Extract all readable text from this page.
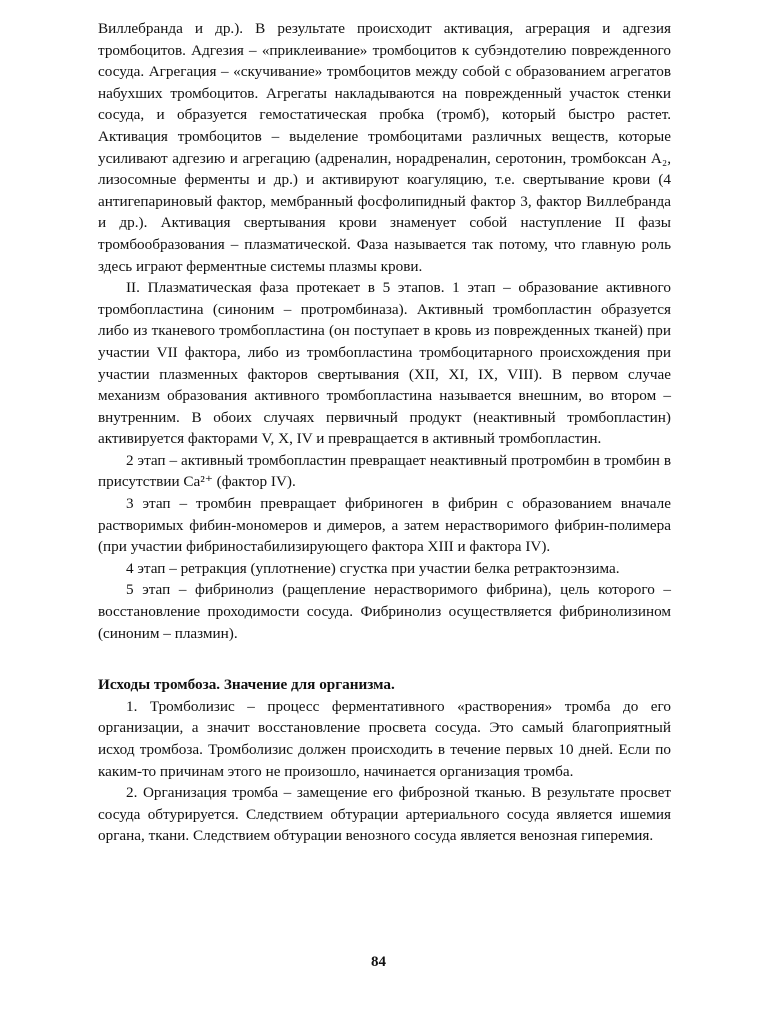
Виллебранда и др.). В результате происходит активация, агрерация и адгезия тромбоцитов. Адгезия – «приклеивание» тромбоцитов к субэндотелию поврежденного сосуда. Агрегация – «скучивание» тромбоцитов между собой с образованием агрегатов набухших тромбоцитов. Агрегаты накладываются на поврежденный участок стенки сосуда, и образуется гемостатическая пробка (тромб), который быстро растет. Активация тромбоцитов – выделение тромбоцитами различных веществ, которые усиливают адгезию и агрегацию (адреналин, норадреналин, серотонин, тромбоксан A₂, лизосомные ферменты и др.) и активируют коагуляцию, т.е. свертывание крови (4 антигепариновый фактор, мембранный фосфолипидный фактор 3, фактор Виллебранда и др.). Активация свертывания крови знаменует собой наступление II фазы тромбообразования – плазматической. Фаза называется так потому, что главную роль здесь играют ферментные системы плазмы крови.

II. Плазматическая фаза протекает в 5 этапов. 1 этап – образование активного тромбопластина (синоним – протромбиназа). Активный тромбопластин образуется либо из тканевого тромбопластина (он поступает в кровь из поврежденных тканей) при участии VII фактора, либо из тромбопластина тромбоцитарного происхождения при участии плазменных факторов свертывания (XII, XI, IX, VIII). В первом случае механизм образования активного тромбопластина называется внешним, во втором – внутренним. В обоих случаях первичный продукт (неактивный тромбопластин) активируется факторами V, X, IV и превращается в активный тромбопластин.

2 этап – активный тромбопластин превращает неактивный протромбин в тромбин в присутствии Ca²⁺ (фактор IV).

3 этап – тромбин превращает фибриноген в фибрин с образованием вначале растворимых фибин-мономеров и димеров, а затем нерастворимого фибрин-полимера (при участии фибриностабилизирующего фактора XIII и фактора IV).

4 этап – ретракция (уплотнение) сгустка при участии белка ретрактоэнзима.

5 этап – фибринолиз (ращепление нерастворимого фибрина), цель которого – восстановление проходимости сосуда. Фибринолиз осуществляется фибринолизином (синоним – плазмин).

Исходы тромбоза. Значение для организма.

1. Тромболизис – процесс ферментативного «растворения» тромба до его организации, а значит восстановление просвета сосуда. Это самый благоприятный исход тромбоза. Тромболизис должен происходить в течение первых 10 дней. Если по каким-то причинам этого не произошло, начинается организация тромба.

2. Организация тромба – замещение его фиброзной тканью. В результате просвет сосуда обтурируется. Следствием обтурации артериального сосуда является ишемия органа, ткани. Следствием обтурации венозного сосуда является венозная гиперемия.

84
